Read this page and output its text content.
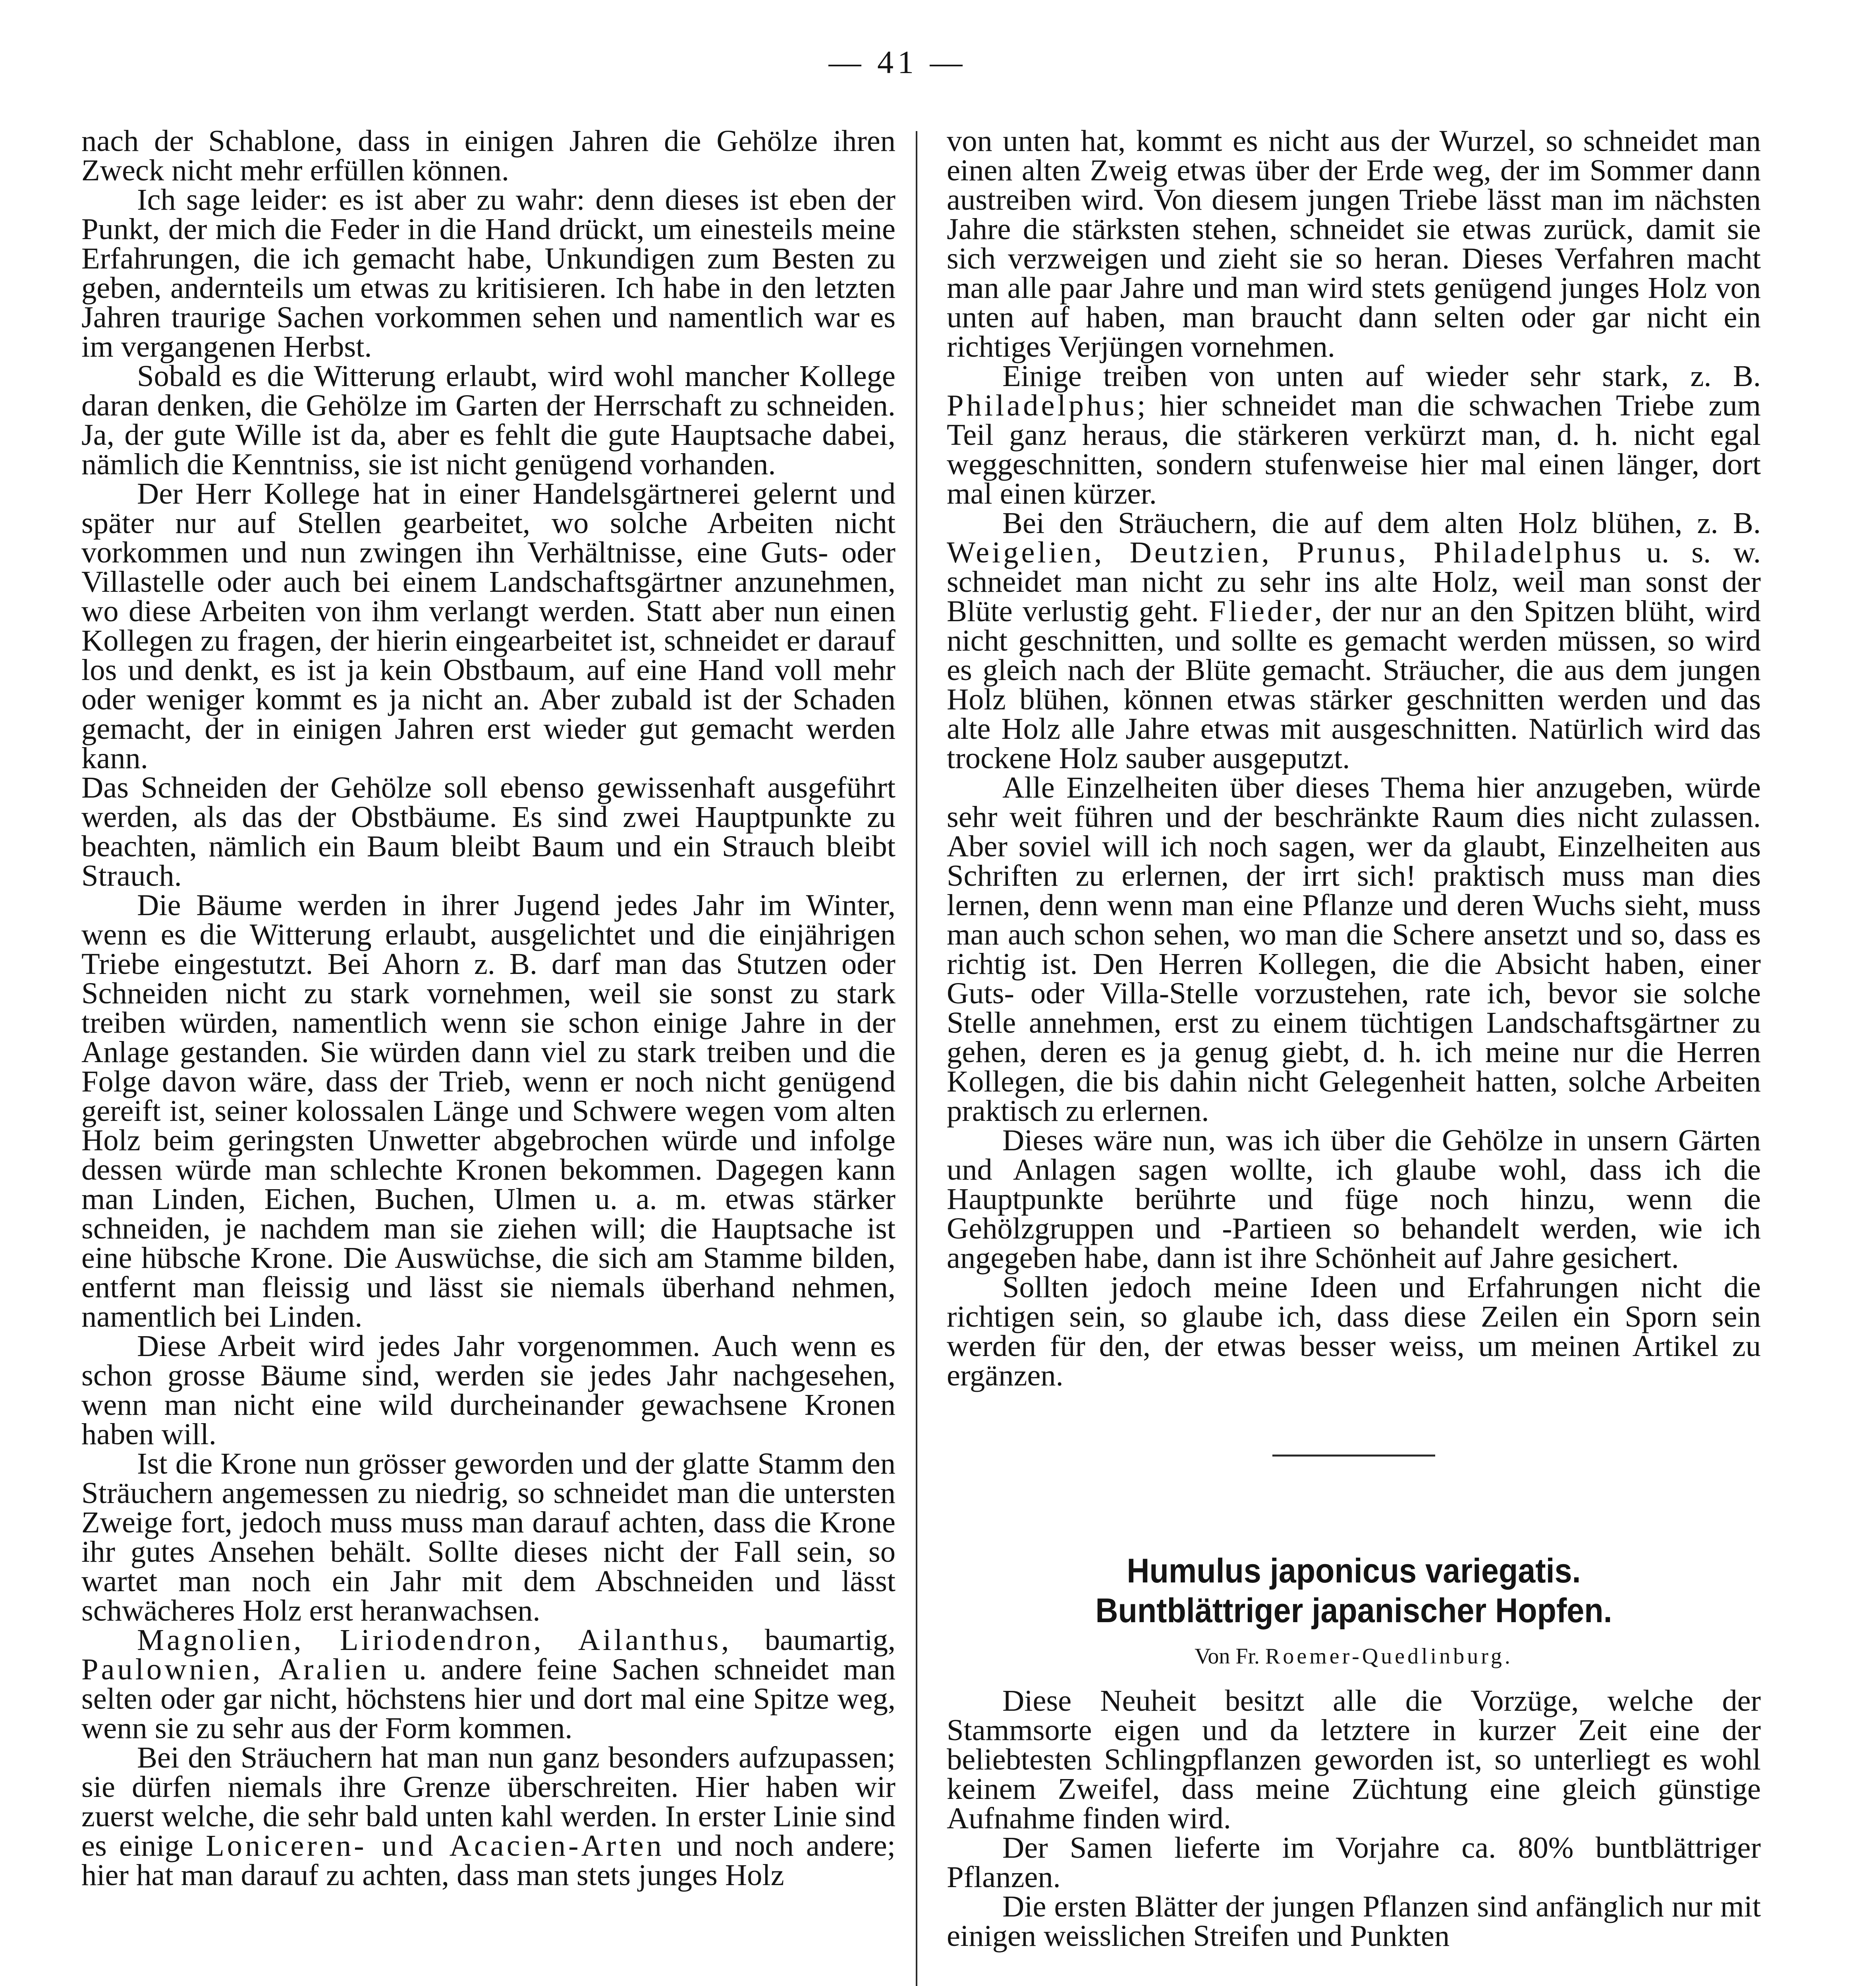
— 41 —

nach der Schablone, dass in einigen Jahren die Gehölze ihren Zweck nicht mehr erfüllen können.

Ich sage leider: es ist aber zu wahr: denn dieses ist eben der Punkt, der mich die Feder in die Hand drückt, um einesteils meine Erfahrungen, die ich gemacht habe, Unkundigen zum Besten zu geben, andernteils um etwas zu kritisieren. Ich habe in den letzten Jahren traurige Sachen vorkommen sehen und namentlich war es im vergangenen Herbst.

Sobald es die Witterung erlaubt, wird wohl mancher Kollege daran denken, die Gehölze im Garten der Herrschaft zu schneiden. Ja, der gute Wille ist da, aber es fehlt die gute Hauptsache dabei, nämlich die Kenntniss, sie ist nicht genügend vorhanden.

Der Herr Kollege hat in einer Handelsgärtnerei gelernt und später nur auf Stellen gearbeitet, wo solche Arbeiten nicht vorkommen und nun zwingen ihn Verhältnisse, eine Guts- oder Villastelle oder auch bei einem Landschaftsgärtner anzunehmen, wo diese Arbeiten von ihm verlangt werden. Statt aber nun einen Kollegen zu fragen, der hierin eingearbeitet ist, schneidet er darauf los und denkt, es ist ja kein Obstbaum, auf eine Hand voll mehr oder weniger kommt es ja nicht an. Aber zubald ist der Schaden gemacht, der in einigen Jahren erst wieder gut gemacht werden kann.

Das Schneiden der Gehölze soll ebenso gewissenhaft ausgeführt werden, als das der Obstbäume. Es sind zwei Hauptpunkte zu beachten, nämlich ein Baum bleibt Baum und ein Strauch bleibt Strauch.

Die Bäume werden in ihrer Jugend jedes Jahr im Winter, wenn es die Witterung erlaubt, ausgelichtet und die einjährigen Triebe eingestutzt. Bei Ahorn z. B. darf man das Stutzen oder Schneiden nicht zu stark vornehmen, weil sie sonst zu stark treiben würden, namentlich wenn sie schon einige Jahre in der Anlage gestanden. Sie würden dann viel zu stark treiben und die Folge davon wäre, dass der Trieb, wenn er noch nicht genügend gereift ist, seiner kolossalen Länge und Schwere wegen vom alten Holz beim geringsten Unwetter abgebrochen würde und infolge dessen würde man schlechte Kronen bekommen. Dagegen kann man Linden, Eichen, Buchen, Ulmen u. a. m. etwas stärker schneiden, je nachdem man sie ziehen will; die Hauptsache ist eine hübsche Krone. Die Auswüchse, die sich am Stamme bilden, entfernt man fleissig und lässt sie niemals überhand nehmen, namentlich bei Linden.

Diese Arbeit wird jedes Jahr vorgenommen. Auch wenn es schon grosse Bäume sind, werden sie jedes Jahr nachgesehen, wenn man nicht eine wild durcheinander gewachsene Kronen haben will.

Ist die Krone nun grösser geworden und der glatte Stamm den Sträuchern angemessen zu niedrig, so schneidet man die untersten Zweige fort, jedoch muss muss man darauf achten, dass die Krone ihr gutes Ansehen behält. Sollte dieses nicht der Fall sein, so wartet man noch ein Jahr mit dem Abschneiden und lässt schwächeres Holz erst heranwachsen.

Magnolien, Liriodendron, Ailanthus, baumartig, Paulownien, Aralien u. andere feine Sachen schneidet man selten oder gar nicht, höchstens hier und dort mal eine Spitze weg, wenn sie zu sehr aus der Form kommen.

Bei den Sträuchern hat man nun ganz besonders aufzupassen; sie dürfen niemals ihre Grenze überschreiten. Hier haben wir zuerst welche, die sehr bald unten kahl werden. In erster Linie sind es einige Loniceren- und Acacien-Arten und noch andere; hier hat man darauf zu achten, dass man stets junges Holz

von unten hat, kommt es nicht aus der Wurzel, so schneidet man einen alten Zweig etwas über der Erde weg, der im Sommer dann austreiben wird. Von diesem jungen Triebe lässt man im nächsten Jahre die stärksten stehen, schneidet sie etwas zurück, damit sie sich verzweigen und zieht sie so heran. Dieses Verfahren macht man alle paar Jahre und man wird stets genügend junges Holz von unten auf haben, man braucht dann selten oder gar nicht ein richtiges Verjüngen vornehmen.

Einige treiben von unten auf wieder sehr stark, z. B. Philadelphus; hier schneidet man die schwachen Triebe zum Teil ganz heraus, die stärkeren verkürzt man, d. h. nicht egal weggeschnitten, sondern stufenweise hier mal einen länger, dort mal einen kürzer.

Bei den Sträuchern, die auf dem alten Holz blühen, z. B. Weigelien, Deutzien, Prunus, Philadelphus u. s. w. schneidet man nicht zu sehr ins alte Holz, weil man sonst der Blüte verlustig geht. Flieder, der nur an den Spitzen blüht, wird nicht geschnitten, und sollte es gemacht werden müssen, so wird es gleich nach der Blüte gemacht. Sträucher, die aus dem jungen Holz blühen, können etwas stärker geschnitten werden und das alte Holz alle Jahre etwas mit ausgeschnitten. Natürlich wird das trockene Holz sauber ausgeputzt.

Alle Einzelheiten über dieses Thema hier anzugeben, würde sehr weit führen und der beschränkte Raum dies nicht zulassen. Aber soviel will ich noch sagen, wer da glaubt, Einzelheiten aus Schriften zu erlernen, der irrt sich! praktisch muss man dies lernen, denn wenn man eine Pflanze und deren Wuchs sieht, muss man auch schon sehen, wo man die Schere ansetzt und so, dass es richtig ist. Den Herren Kollegen, die die Absicht haben, einer Guts- oder Villa-Stelle vorzustehen, rate ich, bevor sie solche Stelle annehmen, erst zu einem tüchtigen Landschaftsgärtner zu gehen, deren es ja genug giebt, d. h. ich meine nur die Herren Kollegen, die bis dahin nicht Gelegenheit hatten, solche Arbeiten praktisch zu erlernen.

Dieses wäre nun, was ich über die Gehölze in unsern Gärten und Anlagen sagen wollte, ich glaube wohl, dass ich die Hauptpunkte berührte und füge noch hinzu, wenn die Gehölzgruppen und -Partieen so behandelt werden, wie ich angegeben habe, dann ist ihre Schönheit auf Jahre gesichert.

Sollten jedoch meine Ideen und Erfahrungen nicht die richtigen sein, so glaube ich, dass diese Zeilen ein Sporn sein werden für den, der etwas besser weiss, um meinen Artikel zu ergänzen.

Humulus japonicus variegatis.
Buntblättriger japanischer Hopfen.

Von Fr. Roemer-Quedlinburg.

Diese Neuheit besitzt alle die Vorzüge, welche der Stammsorte eigen und da letztere in kurzer Zeit eine der beliebtesten Schlingpflanzen geworden ist, so unterliegt es wohl keinem Zweifel, dass meine Züchtung eine gleich günstige Aufnahme finden wird.

Der Samen lieferte im Vorjahre ca. 80% buntblättriger Pflanzen.

Die ersten Blätter der jungen Pflanzen sind anfänglich nur mit einigen weisslichen Streifen und Punkten
